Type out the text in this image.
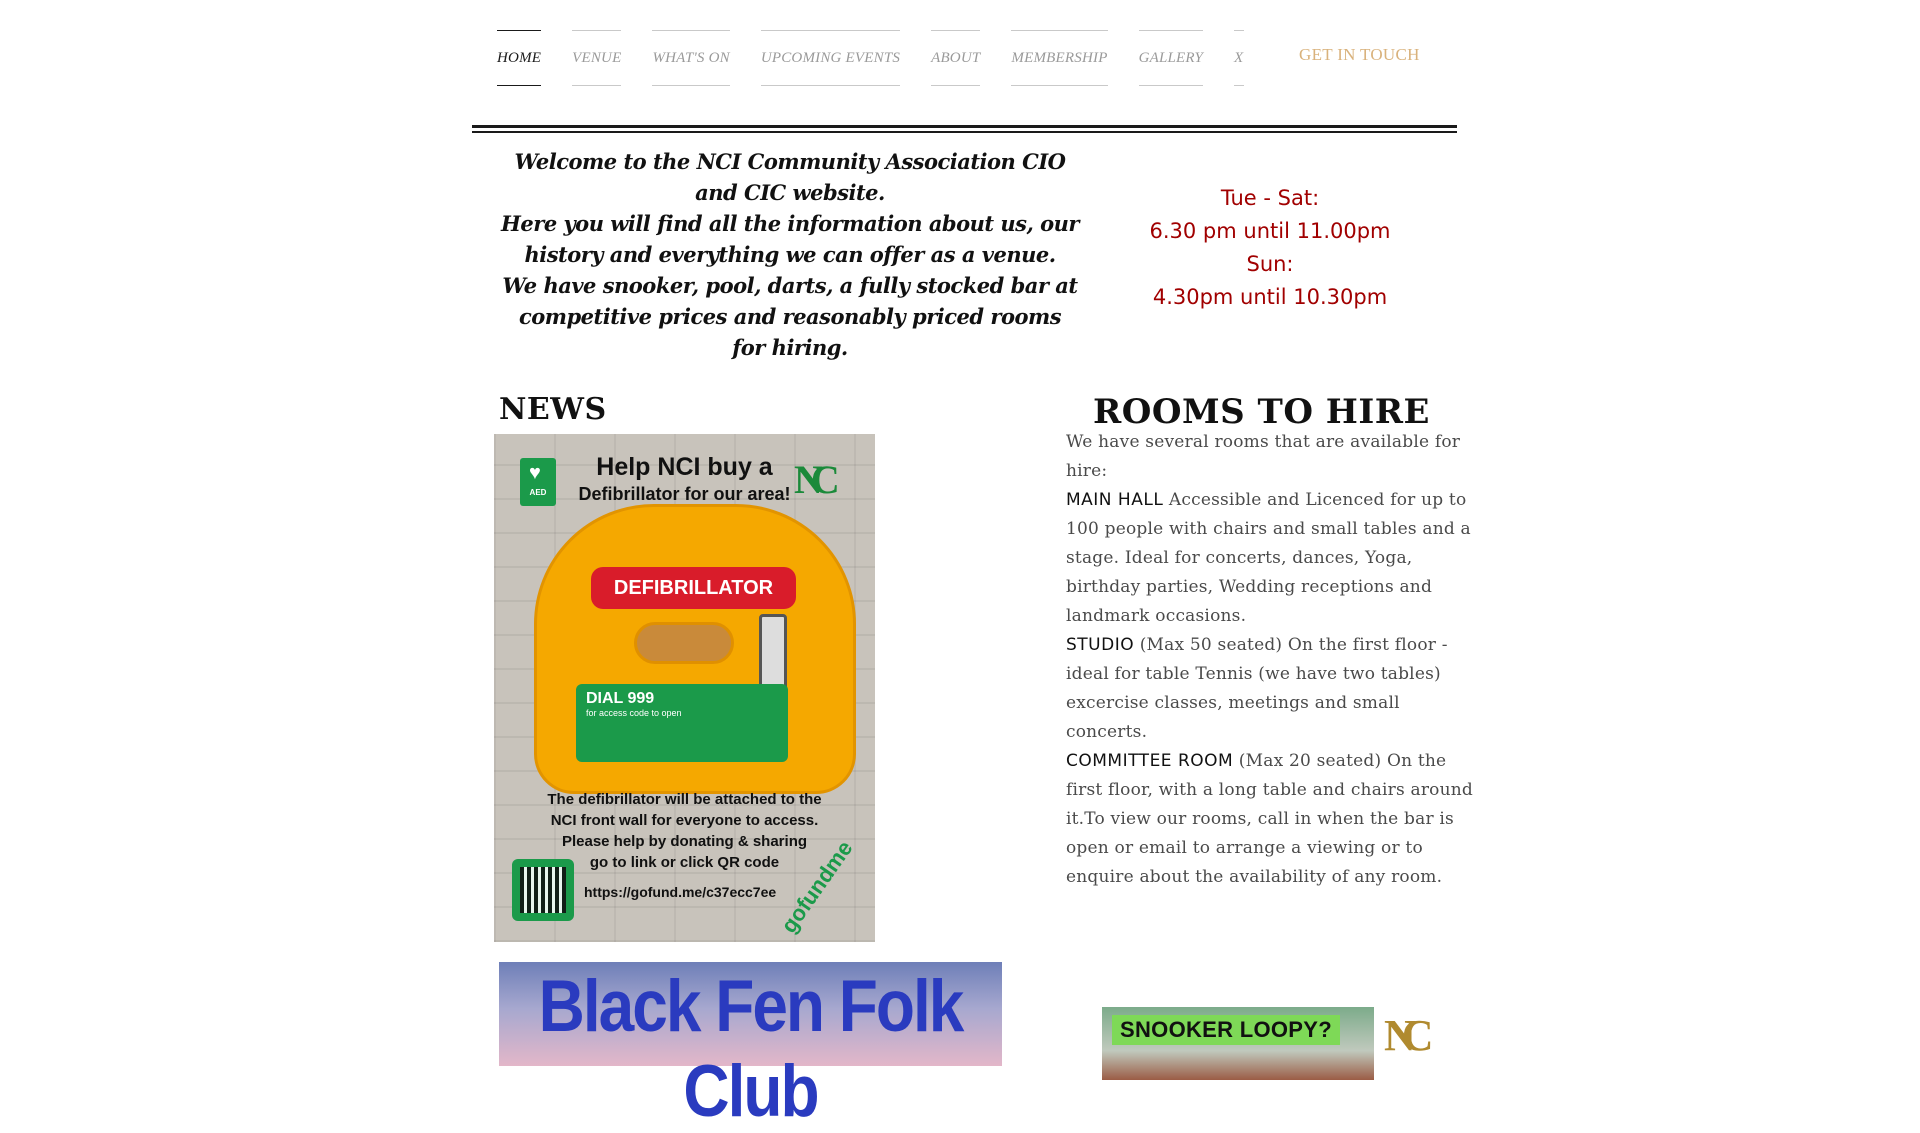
HOME VENUE WHAT'S ON UPCOMING EVENTS ABOUT MEMBERSHIP GALLERY X	GET IN TOUCH

Welcome to the NCI Community Association CIO and CIC website.

Here you will find all the information about us, our history and everything we can offer as a venue.

We have snooker, pool, darts, a fully stocked bar at competitive prices and reasonably priced rooms for hiring.

Tue - Sat:
6.30 pm until 11.00pm
Sun:
4.30pm until 10.30pm
NEWS
♥ AED
Help NCI buy a
Defibrillator for our area! NC
DEFIBRILLATOR
DIAL 999
for access code to open
The defibrillator will be attached to the
NCI front wall for everyone to access.
Please help by donating & sharing
go to link or click QR code
https://gofund.me/c37ecc7ee gofundme
Black Fen Folk Club
ROOMS TO HIRE

We have several rooms that are available for hire:

MAIN HALL Accessible and Licenced for up to 100 people with chairs and small tables and a stage. Ideal for concerts, dances, Yoga, birthday parties, Wedding receptions and landmark occasions.

STUDIO (Max 50 seated) On the first floor - ideal for table Tennis (we have two tables) excercise classes, meetings and small concerts.

COMMITTEE ROOM (Max 20 seated) On the first floor, with a long table and chairs around it.To view our rooms, call in when the bar is open or email to arrange a viewing or to enquire about the availability of any room.

SNOOKER LOOPY? NC
